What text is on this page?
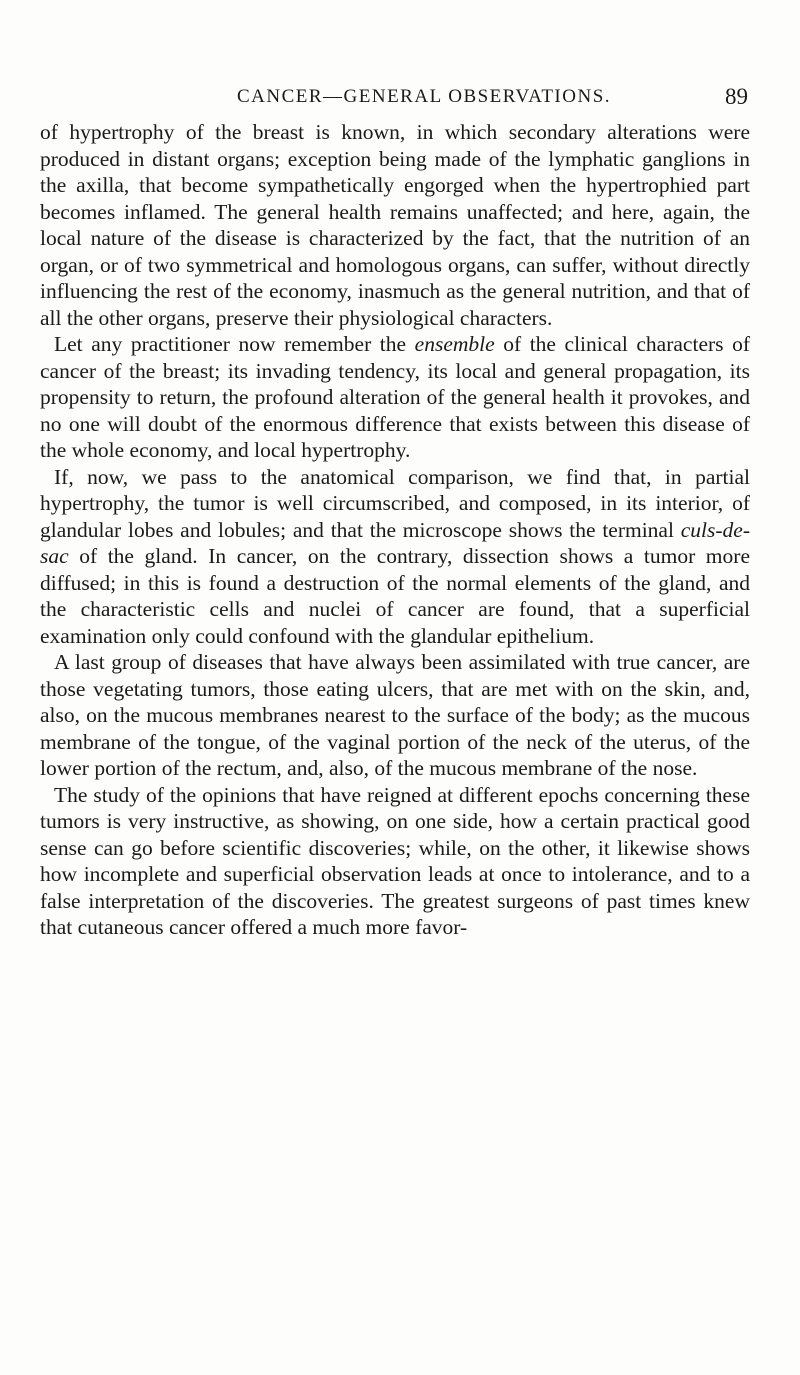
CANCER—GENERAL OBSERVATIONS.	89

of hypertrophy of the breast is known, in which secondary alterations were produced in distant organs; exception being made of the lymphatic ganglions in the axilla, that become sympathetically engorged when the hypertrophied part becomes inflamed. The general health remains unaffected; and here, again, the local nature of the disease is characterized by the fact, that the nutrition of an organ, or of two symmetrical and homologous organs, can suffer, without directly influencing the rest of the economy, inasmuch as the general nutrition, and that of all the other organs, preserve their physiological characters.

Let any practitioner now remember the ensemble of the clinical characters of cancer of the breast; its invading tendency, its local and general propagation, its propensity to return, the profound alteration of the general health it provokes, and no one will doubt of the enormous difference that exists between this disease of the whole economy, and local hypertrophy.

If, now, we pass to the anatomical comparison, we find that, in partial hypertrophy, the tumor is well circumscribed, and composed, in its interior, of glandular lobes and lobules; and that the microscope shows the terminal culs-de-sac of the gland. In cancer, on the contrary, dissection shows a tumor more diffused; in this is found a destruction of the normal elements of the gland, and the characteristic cells and nuclei of cancer are found, that a superficial examination only could confound with the glandular epithelium.

A last group of diseases that have always been assimilated with true cancer, are those vegetating tumors, those eating ulcers, that are met with on the skin, and, also, on the mucous membranes nearest to the surface of the body; as the mucous membrane of the tongue, of the vaginal portion of the neck of the uterus, of the lower portion of the rectum, and, also, of the mucous membrane of the nose.

The study of the opinions that have reigned at different epochs concerning these tumors is very instructive, as showing, on one side, how a certain practical good sense can go before scientific discoveries; while, on the other, it likewise shows how incomplete and superficial observation leads at once to intolerance, and to a false interpretation of the discoveries. The greatest surgeons of past times knew that cutaneous cancer offered a much more favor-
